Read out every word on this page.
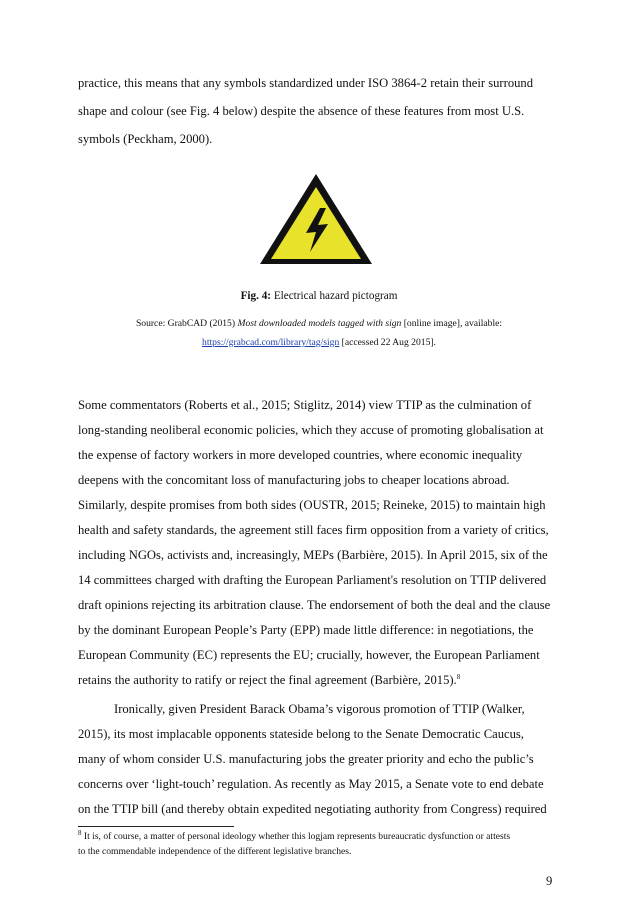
practice, this means that any symbols standardized under ISO 3864-2 retain their surround
shape and colour (see Fig. 4 below) despite the absence of these features from most U.S.
symbols (Peckham, 2000).
Fig. 4: Electrical hazard pictogram
Source: GrabCAD (2015) Most downloaded models tagged with sign [online image], available:
https://grabcad.com/library/tag/sign [accessed 22 Aug 2015].
Some commentators (Roberts et al., 2015; Stiglitz, 2014) view TTIP as the culmination of
long-standing neoliberal economic policies, which they accuse of promoting globalisation at
the expense of factory workers in more developed countries, where economic inequality
deepens with the concomitant loss of manufacturing jobs to cheaper locations abroad.
Similarly, despite promises from both sides (OUSTR, 2015; Reineke, 2015) to maintain high
health and safety standards, the agreement still faces firm opposition from a variety of critics,
including NGOs, activists and, increasingly, MEPs (Barbière, 2015). In April 2015, six of the
14 committees charged with drafting the European Parliament's resolution on TTIP delivered
draft opinions rejecting its arbitration clause. The endorsement of both the deal and the clause
by the dominant European People’s Party (EPP) made little difference: in negotiations, the
European Community (EC) represents the EU; crucially, however, the European Parliament
retains the authority to ratify or reject the final agreement (Barbière, 2015).$^8$
Ironically, given President Barack Obama’s vigorous promotion of TTIP (Walker,
2015), its most implacable opponents stateside belong to the Senate Democratic Caucus,
many of whom consider U.S. manufacturing jobs the greater priority and echo the public’s
concerns over ‘light-touch’ regulation. As recently as May 2015, a Senate vote to end debate
on the TTIP bill (and thereby obtain expedited negotiating authority from Congress) required
$^8$ It is, of course, a matter of personal ideology whether this logjam represents bureaucratic dysfunction or attests
to the commendable independence of the different legislative branches.
9
